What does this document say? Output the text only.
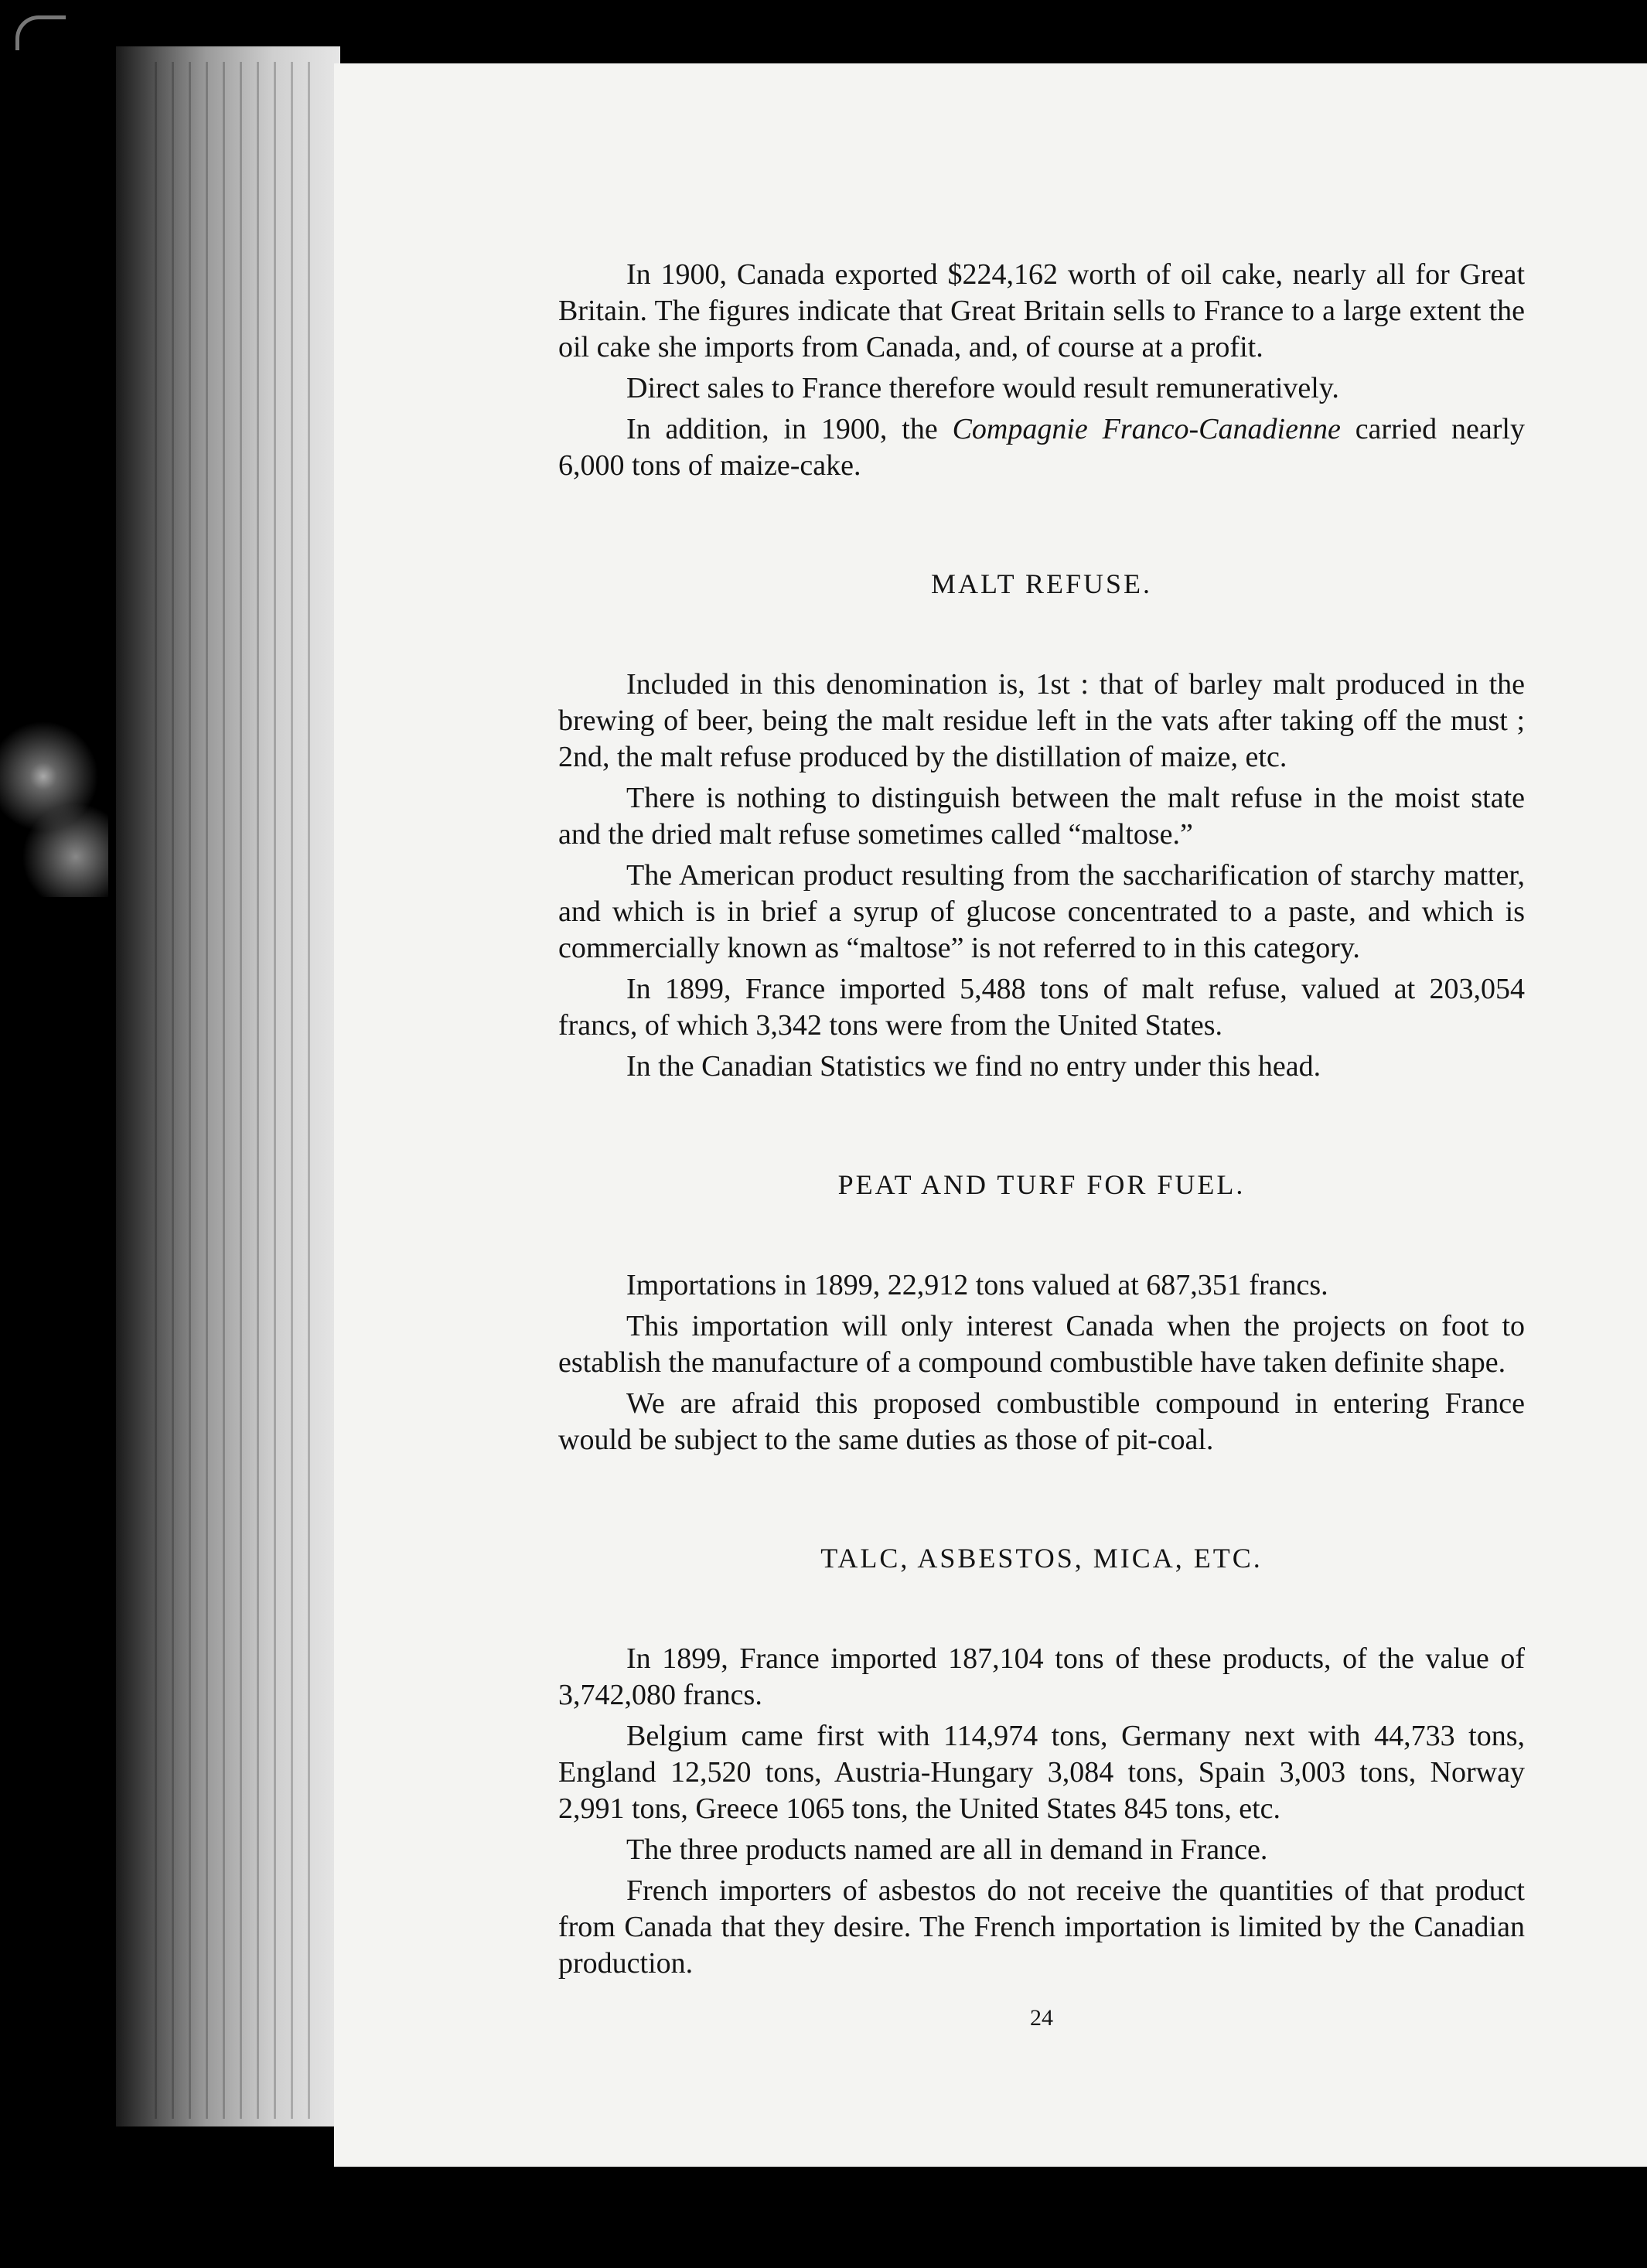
In 1900, Canada exported $224,162 worth of oil cake, nearly all for Great Britain. The figures indicate that Great Britain sells to France to a large extent the oil cake she imports from Canada, and, of course at a profit.

Direct sales to France therefore would result remuneratively.

In addition, in 1900, the Compagnie Franco-Canadienne carried nearly 6,000 tons of maize-cake.

MALT REFUSE.

Included in this denomination is, 1st : that of barley malt produced in the brewing of beer, being the malt residue left in the vats after taking off the must ; 2nd, the malt refuse produced by the distillation of maize, etc.

There is nothing to distinguish between the malt refuse in the moist state and the dried malt refuse sometimes called “maltose.”

The American product resulting from the saccharification of starchy matter, and which is in brief a syrup of glucose concentrated to a paste, and which is commercially known as “maltose” is not referred to in this category.

In 1899, France imported 5,488 tons of malt refuse, valued at 203,054 francs, of which 3,342 tons were from the United States.

In the Canadian Statistics we find no entry under this head.

PEAT AND TURF FOR FUEL.

Importations in 1899, 22,912 tons valued at 687,351 francs.

This importation will only interest Canada when the projects on foot to establish the manufacture of a compound combustible have taken definite shape.

We are afraid this proposed combustible compound in entering France would be subject to the same duties as those of pit-coal.

TALC, ASBESTOS, MICA, ETC.

In 1899, France imported 187,104 tons of these products, of the value of 3,742,080 francs.

Belgium came first with 114,974 tons, Germany next with 44,733 tons, England 12,520 tons, Austria-Hungary 3,084 tons, Spain 3,003 tons, Norway 2,991 tons, Greece 1065 tons, the United States 845 tons, etc.

The three products named are all in demand in France.

French importers of asbestos do not receive the quantities of that product from Canada that they desire. The French importation is limited by the Canadian production.

24
